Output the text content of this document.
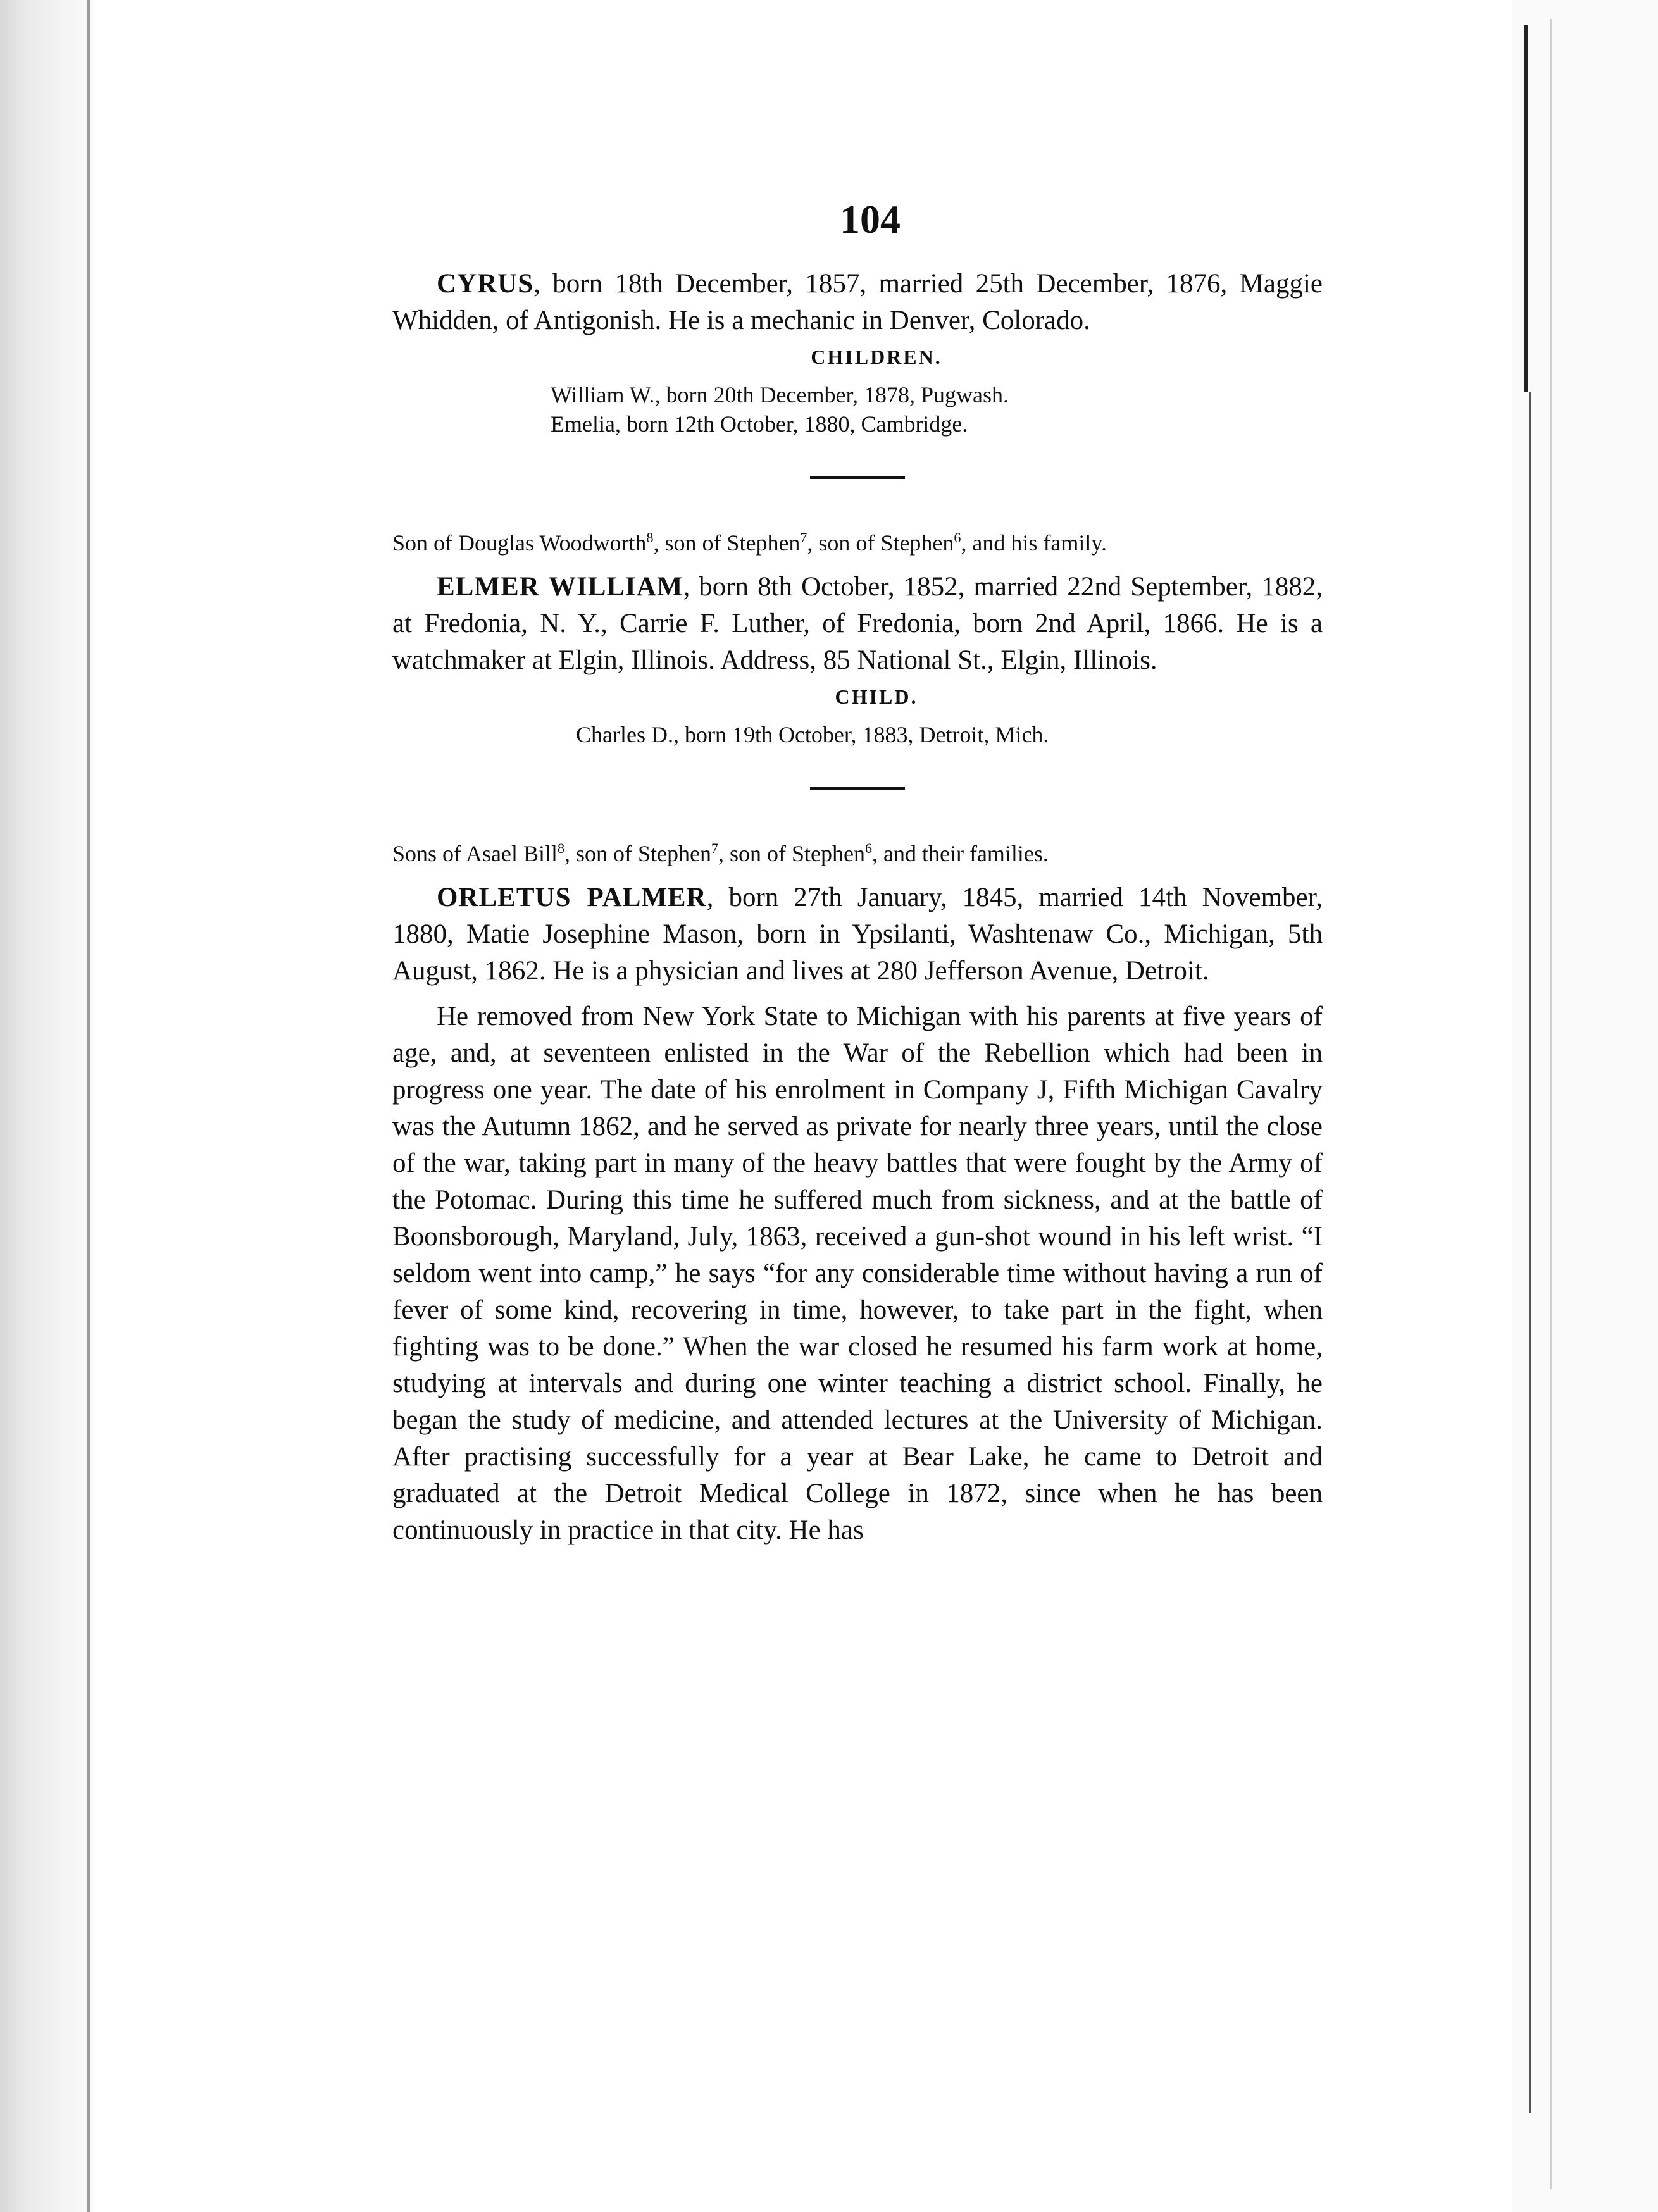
104

CYRUS, born 18th December, 1857, married 25th December, 1876, Maggie Whidden, of Antigonish. He is a mechanic in Denver, Colorado.

CHILDREN.
William W., born 20th December, 1878, Pugwash.
Emelia, born 12th October, 1880, Cambridge.
Son of Douglas Woodworth$^8$, son of Stephen$^7$, son of Stephen$^6$, and his family.

ELMER WILLIAM, born 8th October, 1852, married 22nd September, 1882, at Fredonia, N. Y., Carrie F. Luther, of Fredonia, born 2nd April, 1866. He is a watchmaker at Elgin, Illinois. Address, 85 National St., Elgin, Illinois.

CHILD.
Charles D., born 19th October, 1883, Detroit, Mich.
Sons of Asael Bill$^8$, son of Stephen$^7$, son of Stephen$^6$, and their families.

ORLETUS PALMER, born 27th January, 1845, married 14th November, 1880, Matie Josephine Mason, born in Ypsilanti, Washtenaw Co., Michigan, 5th August, 1862. He is a physician and lives at 280 Jefferson Avenue, Detroit.

He removed from New York State to Michigan with his parents at five years of age, and, at seventeen enlisted in the War of the Rebellion which had been in progress one year. The date of his enrolment in Company J, Fifth Michigan Cavalry was the Autumn 1862, and he served as private for nearly three years, until the close of the war, taking part in many of the heavy battles that were fought by the Army of the Potomac. During this time he suffered much from sickness, and at the battle of Boonsborough, Maryland, July, 1863, received a gun-shot wound in his left wrist. “I seldom went into camp,” he says “for any considerable time without having a run of fever of some kind, recovering in time, however, to take part in the fight, when fighting was to be done.” When the war closed he resumed his farm work at home, studying at intervals and during one winter teaching a district school. Finally, he began the study of medicine, and attended lectures at the University of Michigan. After practising successfully for a year at Bear Lake, he came to Detroit and graduated at the Detroit Medical College in 1872, since when he has been continuously in practice in that city. He has
